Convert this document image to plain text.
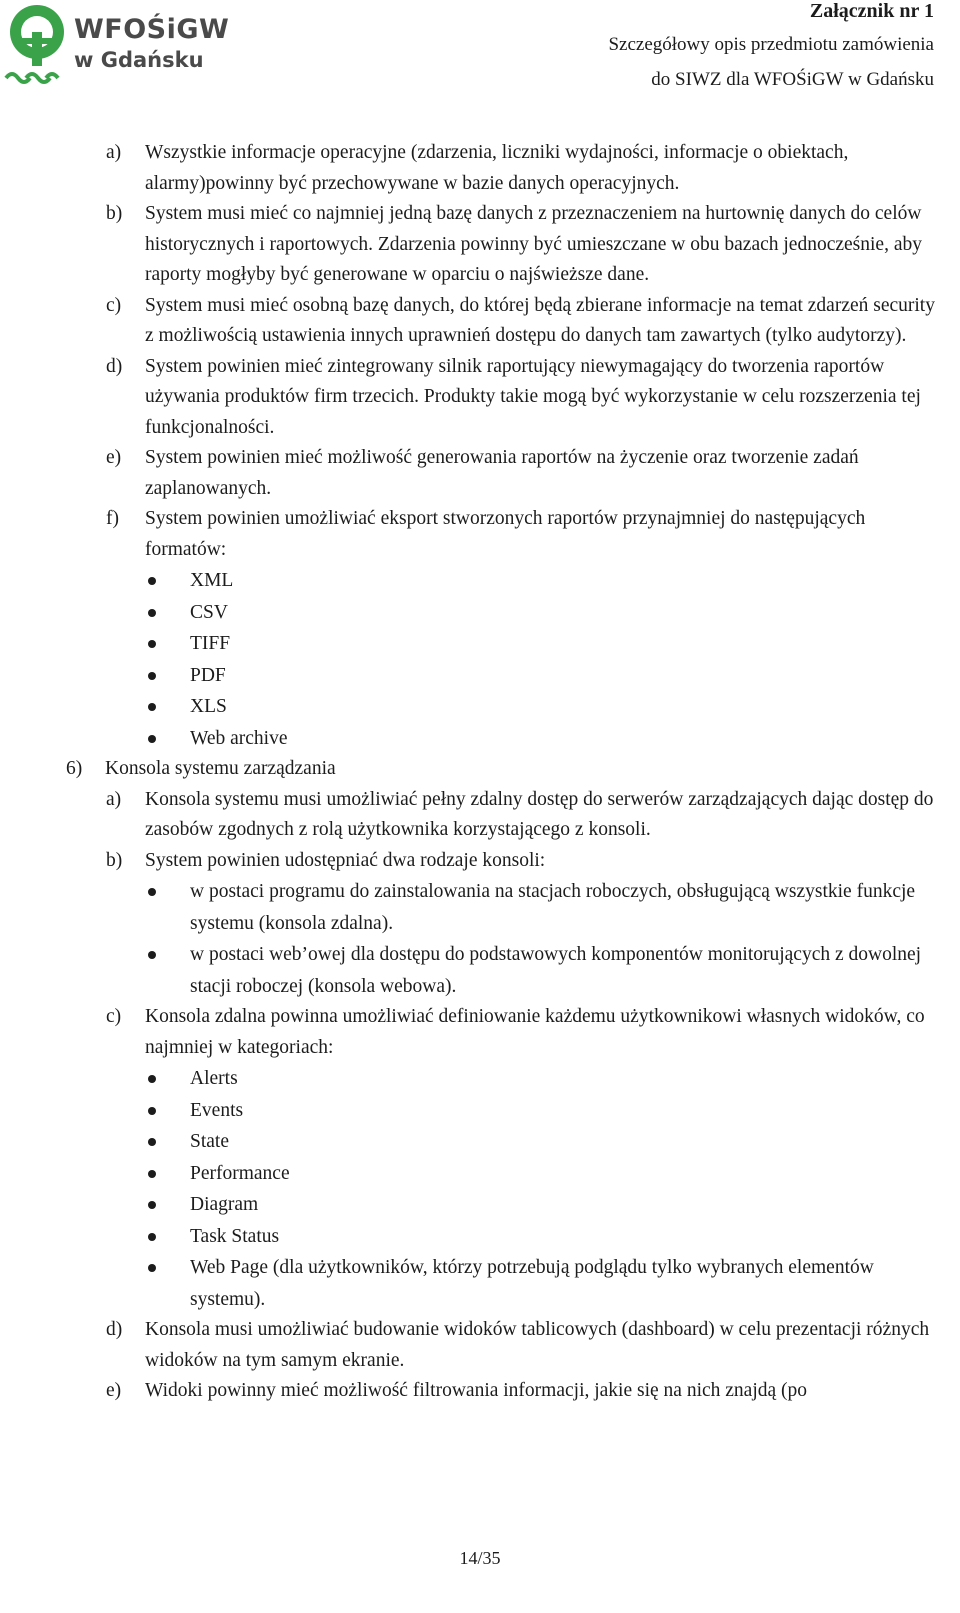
WFOŚiGW
w Gdańsku
Załącznik nr 1
Szczegółowy opis przedmiotu zamówienia
do SIWZ dla WFOŚiGW w Gdańsku
a) Wszystkie informacje operacyjne (zdarzenia, liczniki wydajności, informacje o obiektach, alarmy)powinny być przechowywane w bazie danych operacyjnych.
b) System musi mieć co najmniej jedną bazę danych z przeznaczeniem na hurtownię danych do celów historycznych i raportowych. Zdarzenia powinny być umieszczane w obu bazach jednocześnie, aby raporty mogłyby być generowane w oparciu o najświeższe dane.
c) System musi mieć osobną bazę danych, do której będą zbierane informacje na temat zdarzeń security z możliwością ustawienia innych uprawnień dostępu do danych tam zawartych (tylko audytorzy).
d) System powinien mieć zintegrowany silnik raportujący niewymagający do tworzenia raportów używania produktów firm trzecich. Produkty takie mogą być wykorzystanie w celu rozszerzenia tej funkcjonalności.
e) System powinien mieć możliwość generowania raportów na życzenie oraz tworzenie zadań zaplanowanych.
f) System powinien umożliwiać eksport stworzonych raportów przynajmniej do następujących formatów:
XML
CSV
TIFF
PDF
XLS
Web archive
6) Konsola systemu zarządzania
a) Konsola systemu musi umożliwiać pełny zdalny dostęp do serwerów zarządzających dając dostęp do zasobów zgodnych z rolą użytkownika korzystającego z konsoli.
b) System powinien udostępniać dwa rodzaje konsoli:
w postaci programu do zainstalowania na stacjach roboczych, obsługującą wszystkie funkcje systemu (konsola zdalna).
w postaci web’owej dla dostępu do podstawowych komponentów monitorujących z dowolnej stacji roboczej (konsola webowa).
c) Konsola zdalna powinna umożliwiać definiowanie każdemu użytkownikowi własnych widoków, co najmniej w kategoriach:
Alerts
Events
State
Performance
Diagram
Task Status
Web Page (dla użytkowników, którzy potrzebują podglądu tylko wybranych elementów systemu).
d) Konsola musi umożliwiać budowanie widoków tablicowych (dashboard) w celu prezentacji różnych widoków na tym samym ekranie.
e) Widoki powinny mieć możliwość filtrowania informacji, jakie się na nich znajdą (po
14/35
